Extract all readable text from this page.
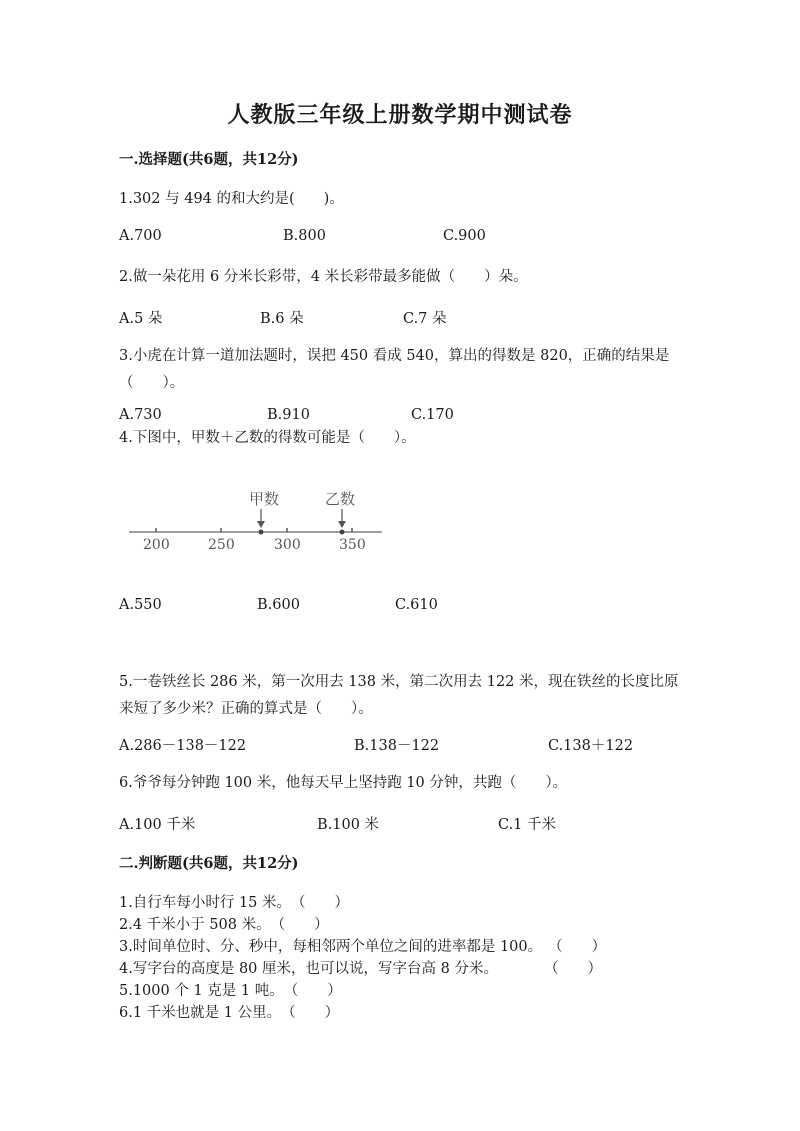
人教版三年级上册数学期中测试卷
一.选择题(共6题，共12分)
1.302 与 494 的和大约是(　　)。
A.700	B.800	C.900
2.做一朵花用 6 分米长彩带，4 米长彩带最多能做（　　）朵。
A.5 朵	B.6 朵	C.7 朵
3.小虎在计算一道加法题时，误把 450 看成 540，算出的得数是 820，正确的结果是（　　）。
A.730	B.910	C.170
4.下图中，甲数＋乙数的得数可能是（　　）。
甲数	乙数
200	250	300	350
A.550	B.600	C.610
5.一卷铁丝长 286 米，第一次用去 138 米，第二次用去 122 米，现在铁丝的长度比原来短了多少米？正确的算式是（　　）。
A.286－138－122	B.138－122	C.138＋122
6.爷爷每分钟跑 100 米，他每天早上坚持跑 10 分钟，共跑（　　）。
A.100 千米	B.100 米	C.1 千米
二.判断题(共6题，共12分)
1.自行车每小时行 15 米。（　　）
2.4 千米小于 508 米。（　　）
3.时间单位时、分、秒中，每相邻两个单位之间的进率都是 100。 （　　）
4.写字台的高度是 80 厘米，也可以说，写字台高 8 分米。	（　　）
5.1000 个 1 克是 1 吨。（　　）
6.1 千米也就是 1 公里。（　　）
